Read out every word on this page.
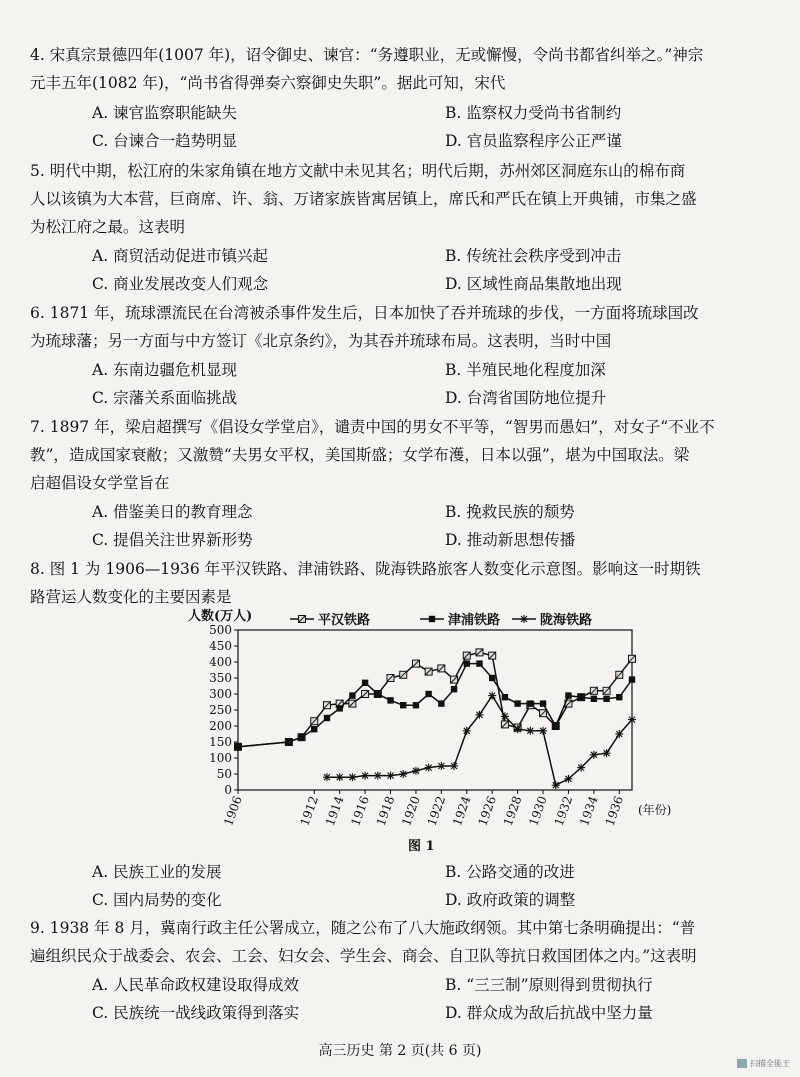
4. 宋真宗景德四年(1007 年)，诏令御史、谏官：“务遵职业，无或懈慢，令尚书都省纠举之。”神宗
元丰五年(1082 年)，“尚书省得弹奏六察御史失职”。据此可知，宋代
A. 谏官监察职能缺失	B. 监察权力受尚书省制约
C. 台谏合一趋势明显	D. 官员监察程序公正严谨
5. 明代中期，松江府的朱家角镇在地方文献中未见其名；明代后期，苏州郊区洞庭东山的棉布商
人以该镇为大本营，巨商席、许、翁、万诸家族皆寓居镇上，席氏和严氏在镇上开典铺，市集之盛
为松江府之最。这表明
A. 商贸活动促进市镇兴起	B. 传统社会秩序受到冲击
C. 商业发展改变人们观念	D. 区域性商品集散地出现
6. 1871 年，琉球漂流民在台湾被杀事件发生后，日本加快了吞并琉球的步伐，一方面将琉球国改
为琉球藩；另一方面与中方签订《北京条约》，为其吞并琉球布局。这表明，当时中国
A. 东南边疆危机显现	B. 半殖民地化程度加深
C. 宗藩关系面临挑战	D. 台湾省国防地位提升
7. 1897 年，梁启超撰写《倡设女学堂启》，谴责中国的男女不平等，“智男而愚妇”，对女子“不业不
教”，造成国家衰敝；又激赞“夫男女平权，美国斯盛；女学布濩，日本以强”，堪为中国取法。梁
启超倡设女学堂旨在
A. 借鉴美日的教育理念	B. 挽救民族的颓势
C. 提倡关注世界新形势	D. 推动新思想传播
8. 图 1 为 1906—1936 年平汉铁路、津浦铁路、陇海铁路旅客人数变化示意图。影响这一时期铁
路营运人数变化的主要因素是
0
50
100
150
200
250
300
350
400
450
500
1906	1912 1914 1916 1918 1920 1922 1924 1926 1928 1930 1932 1934 1936
人数(万人)
(年份)
平汉铁路	津浦铁路	陇海铁路
图 1
A. 民族工业的发展	B. 公路交通的改进
C. 国内局势的变化	D. 政府政策的调整
9. 1938 年 8 月，冀南行政主任公署成立，随之公布了八大施政纲领。其中第七条明确提出：“普
遍组织民众于战委会、农会、工会、妇女会、学生会、商会、自卫队等抗日救国团体之内。”这表明
A. 人民革命政权建设取得成效	B. “三三制”原则得到贯彻执行
C. 民族统一战线政策得到落实	D. 群众成为敌后抗战中坚力量
高三历史 第 2 页(共 6 页)
扫描全能王
